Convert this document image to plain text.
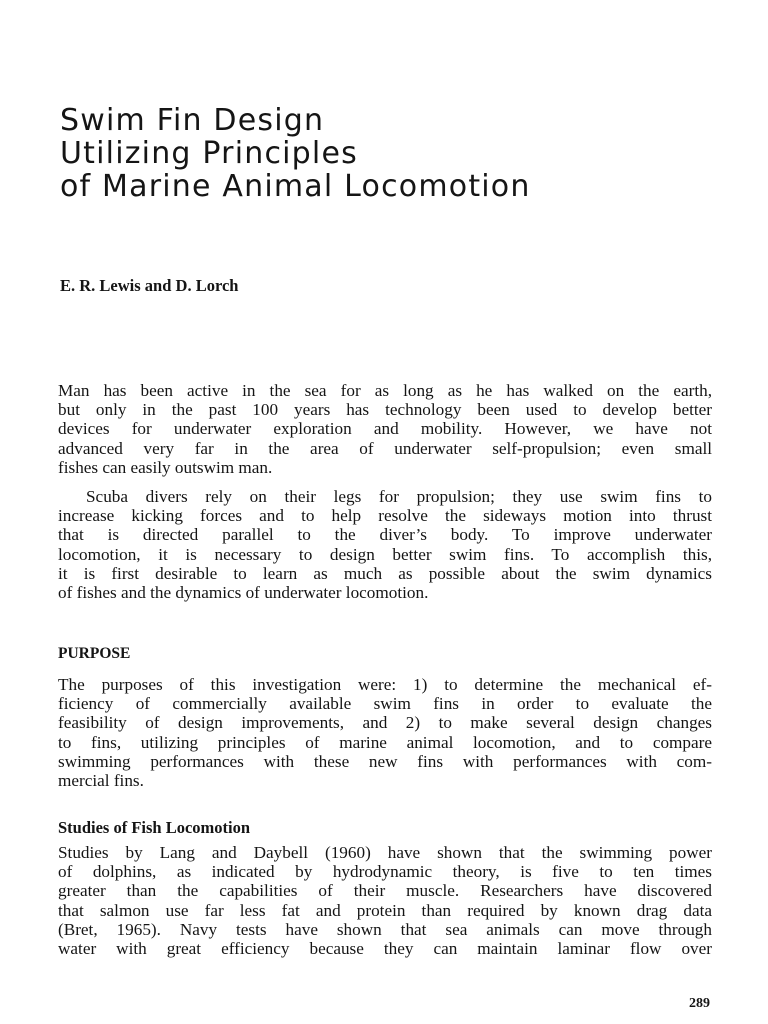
Swim Fin Design
Utilizing Principles
of Marine Animal Locomotion
E. R. Lewis and D. Lorch
Man has been active in the sea for as long as he has walked on the earth,
but only in the past 100 years has technology been used to develop better
devices for underwater exploration and mobility. However, we have not
advanced very far in the area of underwater self-propulsion; even small
fishes can easily outswim man.
Scuba divers rely on their legs for propulsion; they use swim fins to
increase kicking forces and to help resolve the sideways motion into thrust
that is directed parallel to the diver’s body. To improve underwater
locomotion, it is necessary to design better swim fins. To accomplish this,
it is first desirable to learn as much as possible about the swim dynamics
of fishes and the dynamics of underwater locomotion.
PURPOSE
The purposes of this investigation were: 1) to determine the mechanical ef-
ficiency of commercially available swim fins in order to evaluate the
feasibility of design improvements, and 2) to make several design changes
to fins, utilizing principles of marine animal locomotion, and to compare
swimming performances with these new fins with performances with com-
mercial fins.
Studies of Fish Locomotion
Studies by Lang and Daybell (1960) have shown that the swimming power
of dolphins, as indicated by hydrodynamic theory, is five to ten times
greater than the capabilities of their muscle. Researchers have discovered
that salmon use far less fat and protein than required by known drag data
(Bret, 1965). Navy tests have shown that sea animals can move through
water with great efficiency because they can maintain laminar flow over
289
